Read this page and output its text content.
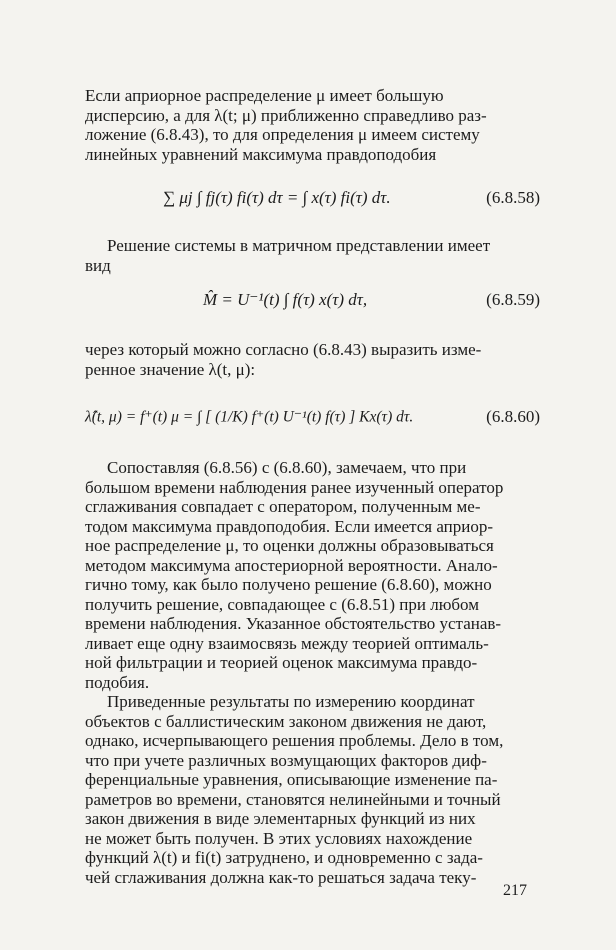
Если априорное распределение μ имеет большую
дисперсию, а для λ(t; μ) приближенно справедливо раз-
ложение (6.8.43), то для определения μ имеем систему
линейных уравнений максимума правдоподобия

∑ μj ∫ fj(τ) fi(τ) dτ = ∫ x(τ) fi(τ) dτ.	(6.8.58)

Решение системы в матричном представлении имеет
вид

M̂ = U⁻¹(t) ∫ f(τ) x(τ) dτ,	(6.8.59)

через который можно согласно (6.8.43) выразить изме-
ренное значение λ(t, μ):

λ̂(t, μ) = f⁺(t) μ = ∫ [ (1/K) f⁺(t) U⁻¹(t) f(τ) ] Kx(τ) dτ.	(6.8.60)

Сопоставляя (6.8.56) с (6.8.60), замечаем, что при
большом времени наблюдения ранее изученный оператор
сглаживания совпадает с оператором, полученным ме-
тодом максимума правдоподобия. Если имеется априор-
ное распределение μ, то оценки должны образовываться
методом максимума апостериорной вероятности. Анало-
гично тому, как было получено решение (6.8.60), можно
получить решение, совпадающее с (6.8.51) при любом
времени наблюдения. Указанное обстоятельство устанав-
ливает еще одну взаимосвязь между теорией оптималь-
ной фильтрации и теорией оценок максимума правдо-
подобия.

Приведенные результаты по измерению координат
объектов с баллистическим законом движения не дают,
однако, исчерпывающего решения проблемы. Дело в том,
что при учете различных возмущающих факторов диф-
ференциальные уравнения, описывающие изменение па-
раметров во времени, становятся нелинейными и точный
закон движения в виде элементарных функций из них
не может быть получен. В этих условиях нахождение
функций λ(t) и fi(t) затруднено, и одновременно с зада-
чей сглаживания должна как-то решаться задача теку-

217
